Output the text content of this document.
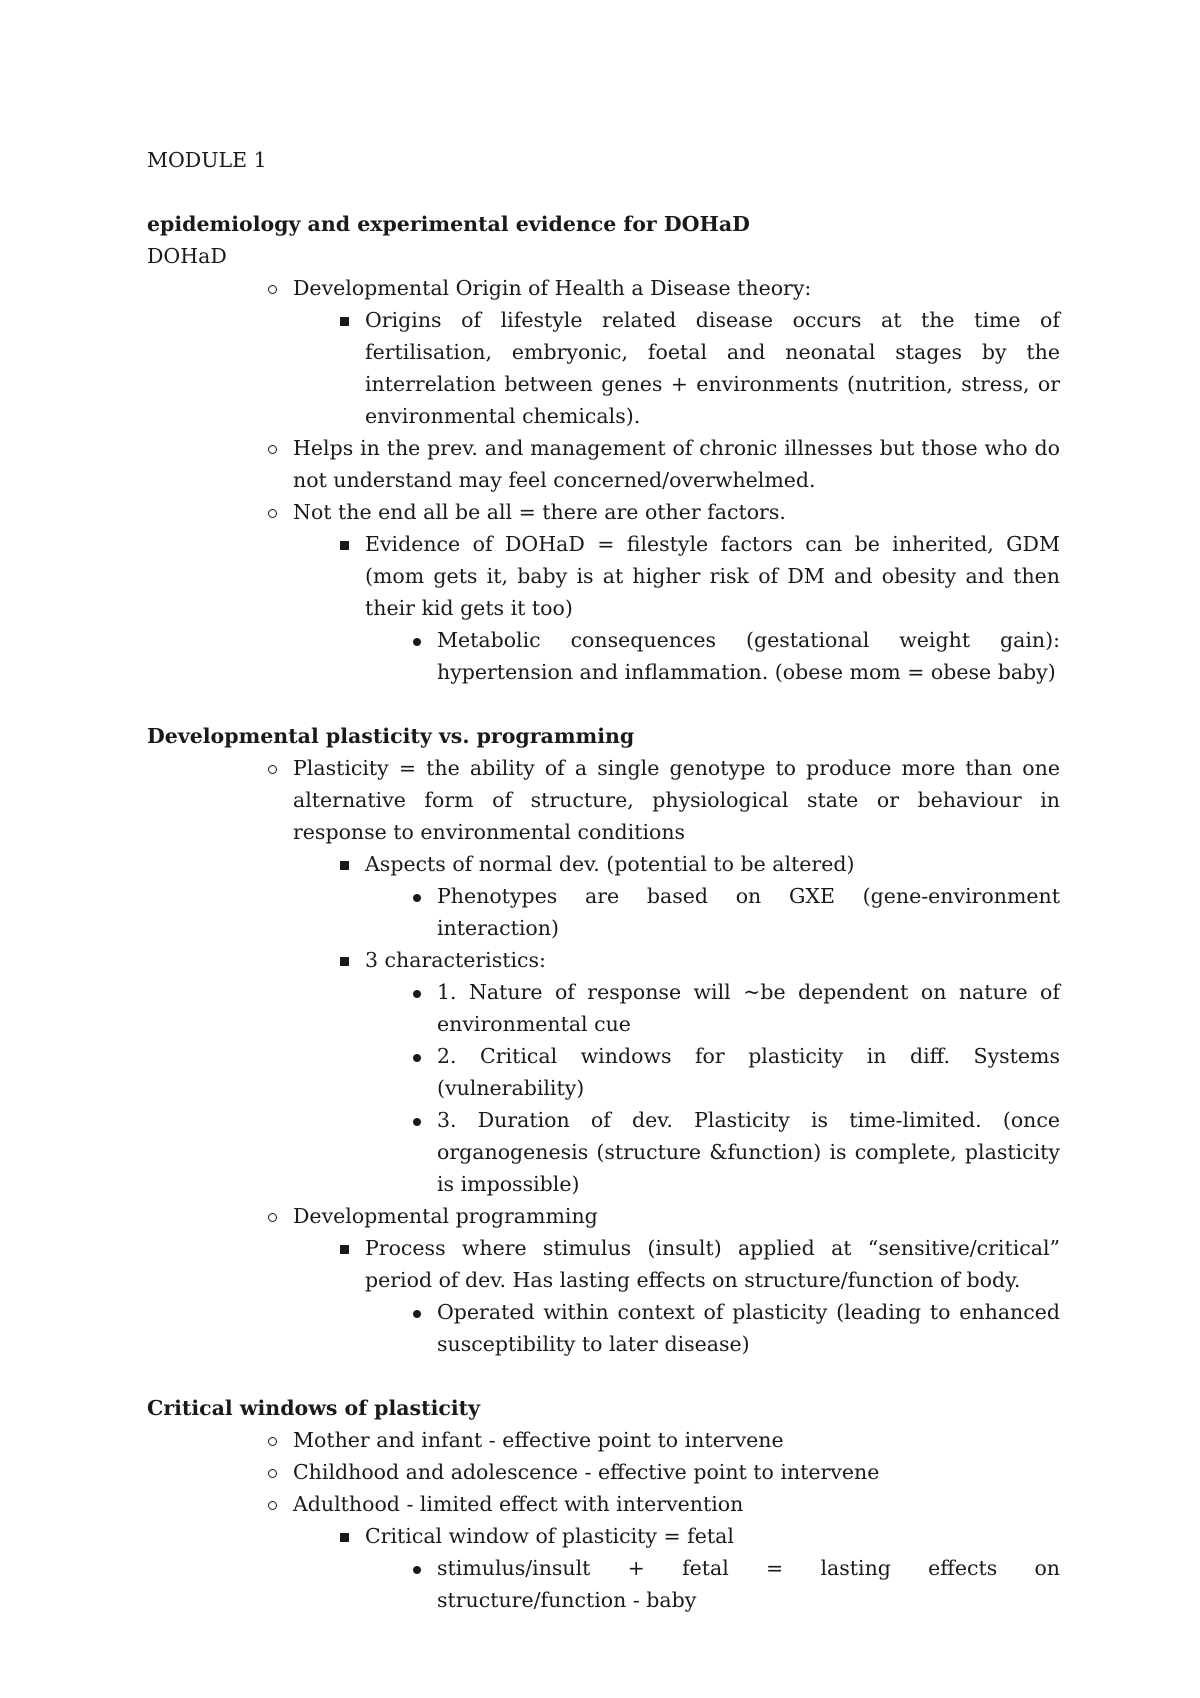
MODULE 1

epidemiology and experimental evidence for DOHaD

DOHaD

Developmental Origin of Health a Disease theory:
Origins of lifestyle related disease occurs at the time of fertilisation, embryonic, foetal and neonatal stages by the interrelation between genes + environments (nutrition, stress, or environmental chemicals).
Helps in the prev. and management of chronic illnesses but those who do not understand may feel concerned/overwhelmed.
Not the end all be all = there are other factors.
Evidence of DOHaD = filestyle factors can be inherited, GDM (mom gets it, baby is at higher risk of DM and obesity and then their kid gets it too)
Metabolic consequences (gestational weight gain): hypertension and inflammation. (obese mom = obese baby)

Developmental plasticity vs. programming

Plasticity = the ability of a single genotype to produce more than one alternative form of structure, physiological state or behaviour in response to environmental conditions
Aspects of normal dev. (potential to be altered)
Phenotypes are based on GXE (gene-environment interaction)
3 characteristics:
1. Nature of response will ~be dependent on nature of environmental cue
2. Critical windows for plasticity in diff. Systems (vulnerability)
3. Duration of dev. Plasticity is time-limited. (once organogenesis (structure &function) is complete, plasticity is impossible)
Developmental programming
Process where stimulus (insult) applied at “sensitive/critical” period of dev. Has lasting effects on structure/function of body.
Operated within context of plasticity (leading to enhanced susceptibility to later disease)

Critical windows of plasticity

Mother and infant - effective point to intervene
Childhood and adolescence - effective point to intervene
Adulthood - limited effect with intervention
Critical window of plasticity = fetal
stimulus/insult + fetal = lasting effects on structure/function - baby
